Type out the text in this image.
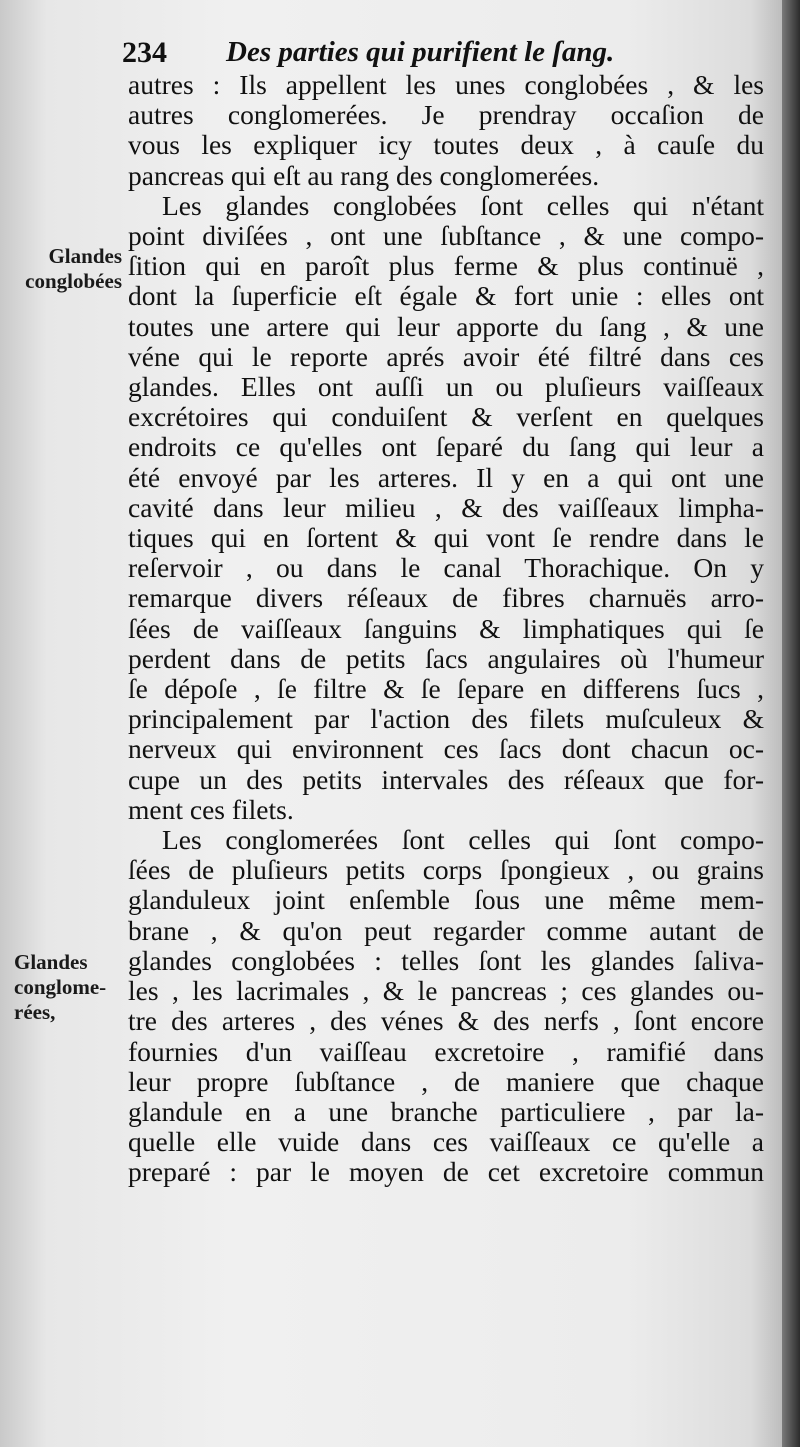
234 Des parties qui purifient le ſang.
Glandes
conglobées
Glandes
conglome-
rées,
autres : Ils appellent les unes conglobées , & les
autres conglomerées. Je prendray occaſion de
vous les expliquer icy toutes deux , à cauſe du
pancreas qui eſt au rang des conglomerées.
Les glandes conglobées ſont celles qui n'étant
point diviſées , ont une ſubſtance , & une compo-
ſition qui en paroît plus ferme & plus continuë ,
dont la ſuperficie eſt égale & fort unie : elles ont
toutes une artere qui leur apporte du ſang , & une
véne qui le reporte aprés avoir été filtré dans ces
glandes. Elles ont auſſi un ou pluſieurs vaiſſeaux
excrétoires qui conduiſent & verſent en quelques
endroits ce qu'elles ont ſeparé du ſang qui leur a
été envoyé par les arteres. Il y en a qui ont une
cavité dans leur milieu , & des vaiſſeaux limpha-
tiques qui en ſortent & qui vont ſe rendre dans le
reſervoir , ou dans le canal Thorachique. On y
remarque divers réſeaux de fibres charnuës arro-
ſées de vaiſſeaux ſanguins & limphatiques qui ſe
perdent dans de petits ſacs angulaires où l'humeur
ſe dépoſe , ſe filtre & ſe ſepare en differens ſucs ,
principalement par l'action des filets muſculeux &
nerveux qui environnent ces ſacs dont chacun oc-
cupe un des petits intervales des réſeaux que for-
ment ces filets.
Les conglomerées ſont celles qui ſont compo-
ſées de pluſieurs petits corps ſpongieux , ou grains
glanduleux joint enſemble ſous une même mem-
brane , & qu'on peut regarder comme autant de
glandes conglobées : telles ſont les glandes ſaliva-
les , les lacrimales , & le pancreas ; ces glandes ou-
tre des arteres , des vénes & des nerfs , ſont encore
fournies d'un vaiſſeau excretoire , ramifié dans
leur propre ſubſtance , de maniere que chaque
glandule en a une branche particuliere , par la-
quelle elle vuide dans ces vaiſſeaux ce qu'elle a
preparé : par le moyen de cet excretoire commun
